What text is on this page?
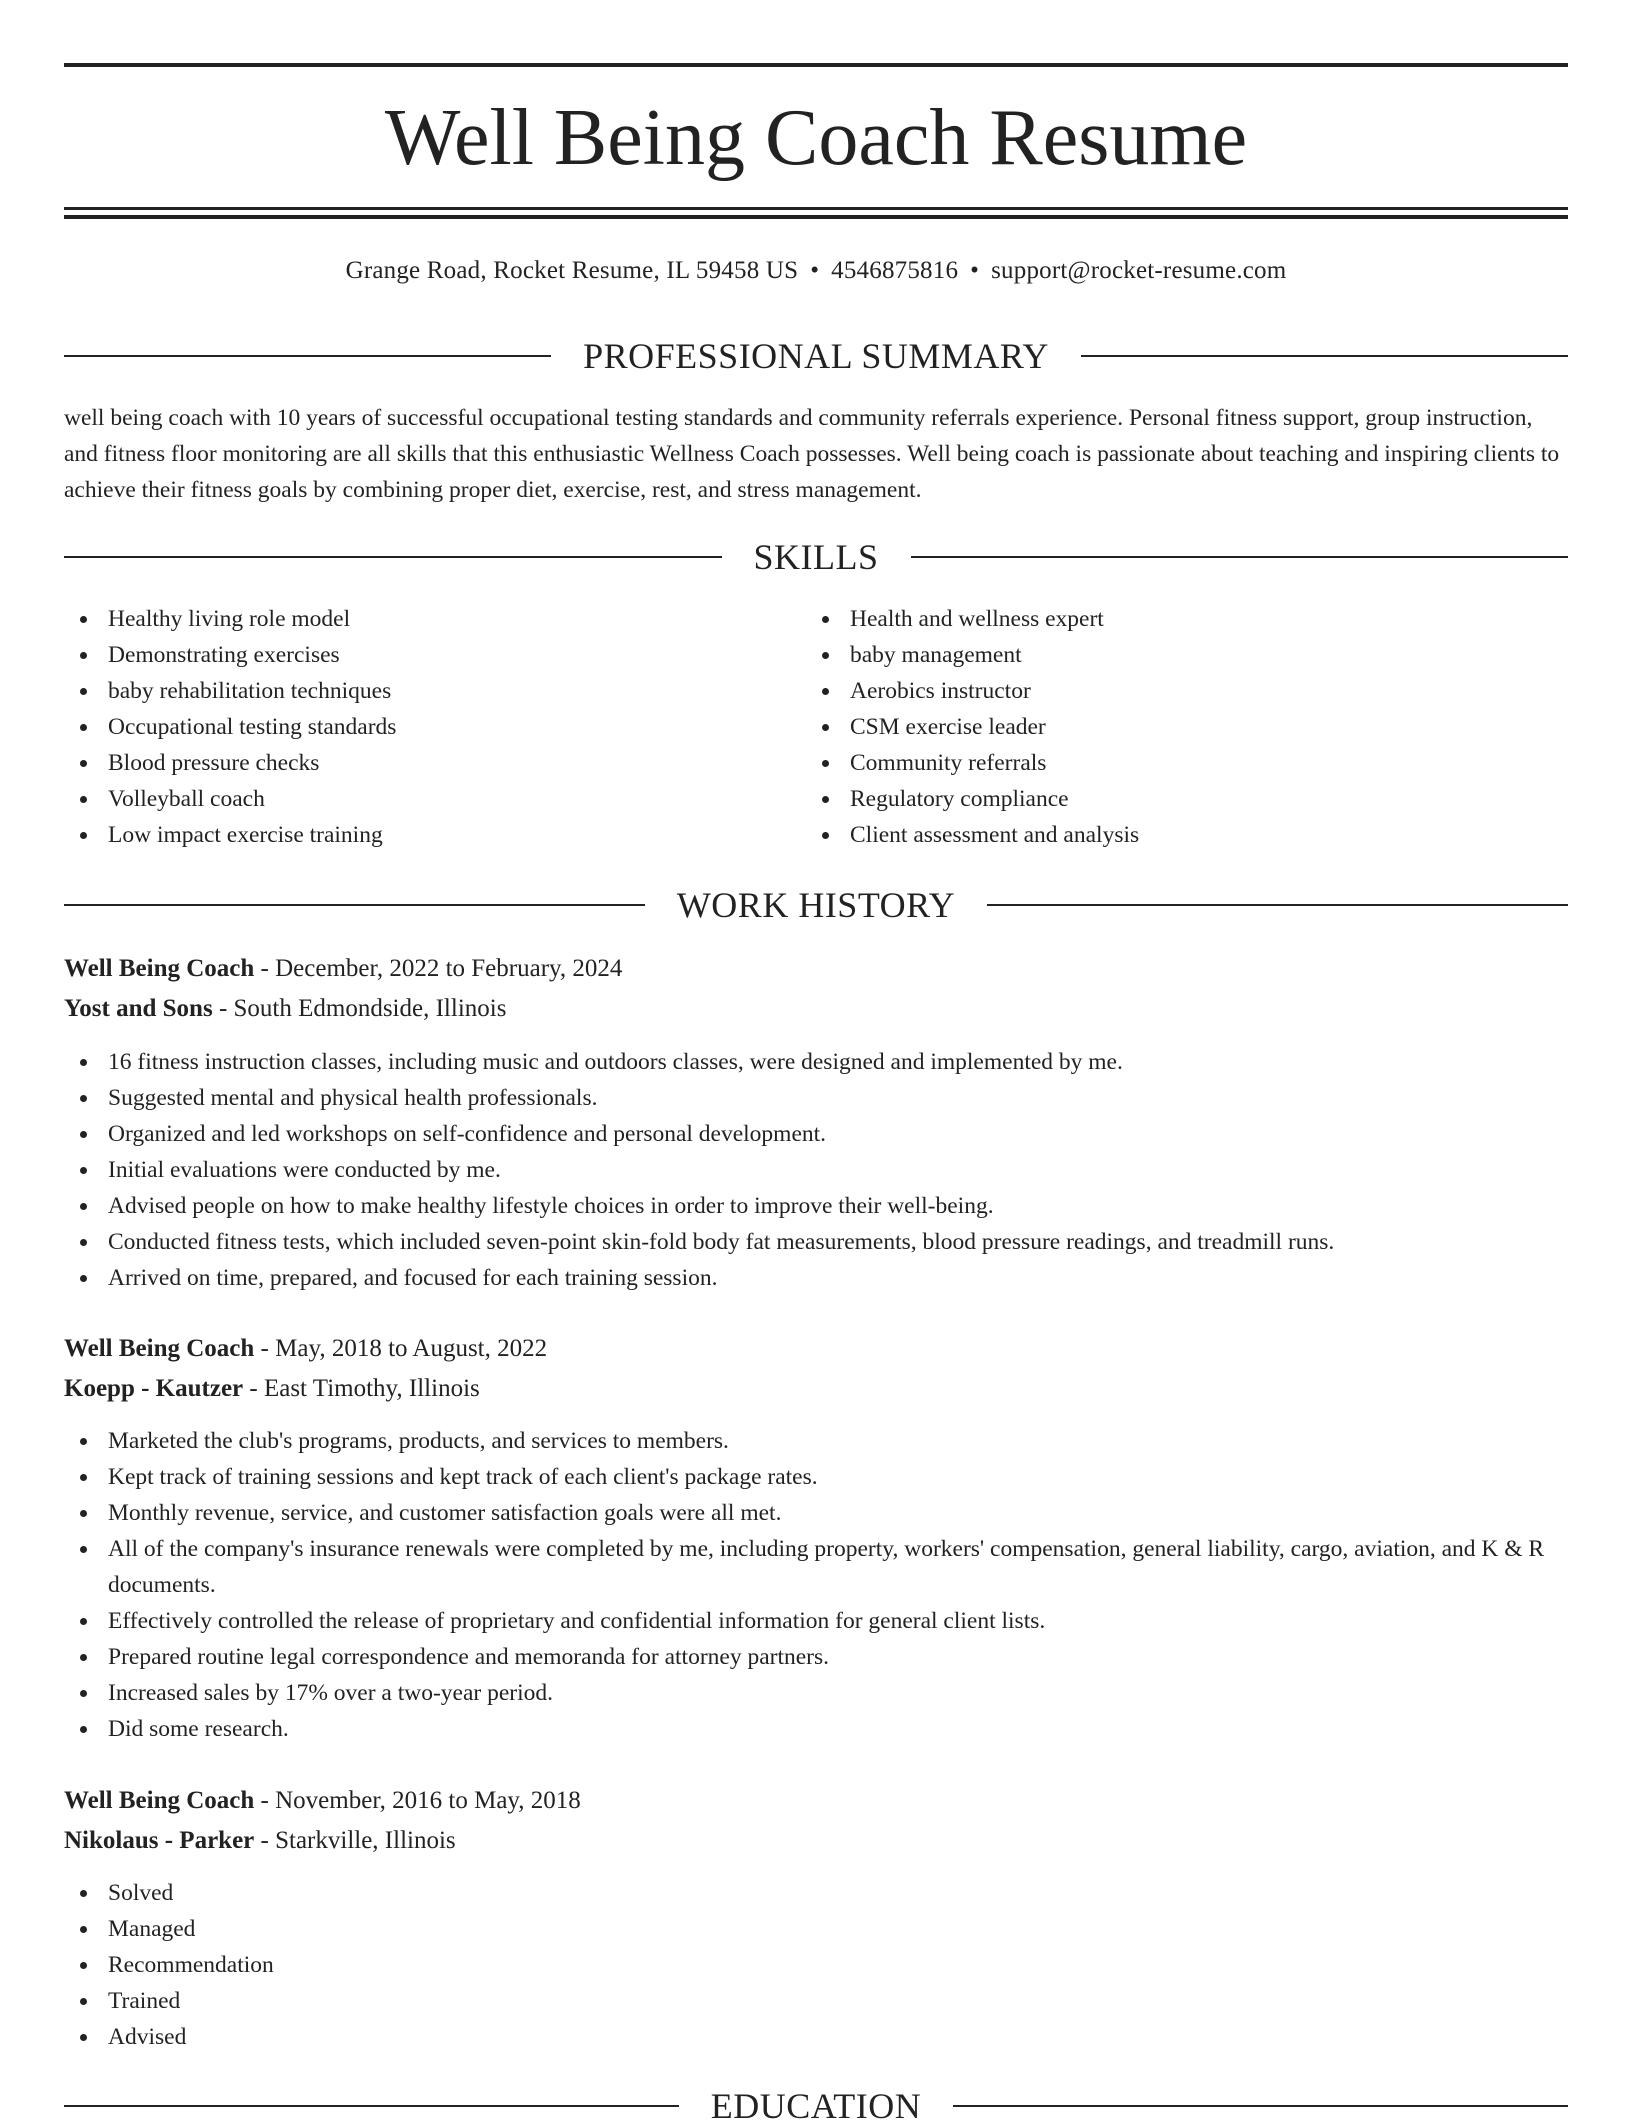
Well Being Coach Resume
Grange Road, Rocket Resume, IL 59458 US • 4546875816 • support@rocket-resume.com
PROFESSIONAL SUMMARY

well being coach with 10 years of successful occupational testing standards and community referrals experience. Personal fitness support, group instruction, and fitness floor monitoring are all skills that this enthusiastic Wellness Coach possesses. Well being coach is passionate about teaching and inspiring clients to achieve their fitness goals by combining proper diet, exercise, rest, and stress management.

SKILLS
Healthy living role model
Demonstrating exercises
baby rehabilitation techniques
Occupational testing standards
Blood pressure checks
Volleyball coach
Low impact exercise training
Health and wellness expert
baby management
Aerobics instructor
CSM exercise leader
Community referrals
Regulatory compliance
Client assessment and analysis
WORK HISTORY
Well Being Coach - December, 2022 to February, 2024
Yost and Sons - South Edmondside, Illinois
16 fitness instruction classes, including music and outdoors classes, were designed and implemented by me.
Suggested mental and physical health professionals.
Organized and led workshops on self-confidence and personal development.
Initial evaluations were conducted by me.
Advised people on how to make healthy lifestyle choices in order to improve their well-being.
Conducted fitness tests, which included seven-point skin-fold body fat measurements, blood pressure readings, and treadmill runs.
Arrived on time, prepared, and focused for each training session.
Well Being Coach - May, 2018 to August, 2022
Koepp - Kautzer - East Timothy, Illinois
Marketed the club's programs, products, and services to members.
Kept track of training sessions and kept track of each client's package rates.
Monthly revenue, service, and customer satisfaction goals were all met.
All of the company's insurance renewals were completed by me, including property, workers' compensation, general liability, cargo, aviation, and K & R documents.
Effectively controlled the release of proprietary and confidential information for general client lists.
Prepared routine legal correspondence and memoranda for attorney partners.
Increased sales by 17% over a two-year period.
Did some research.
Well Being Coach - November, 2016 to May, 2018
Nikolaus - Parker - Starkville, Illinois
Solved
Managed
Recommendation
Trained
Advised
EDUCATION
